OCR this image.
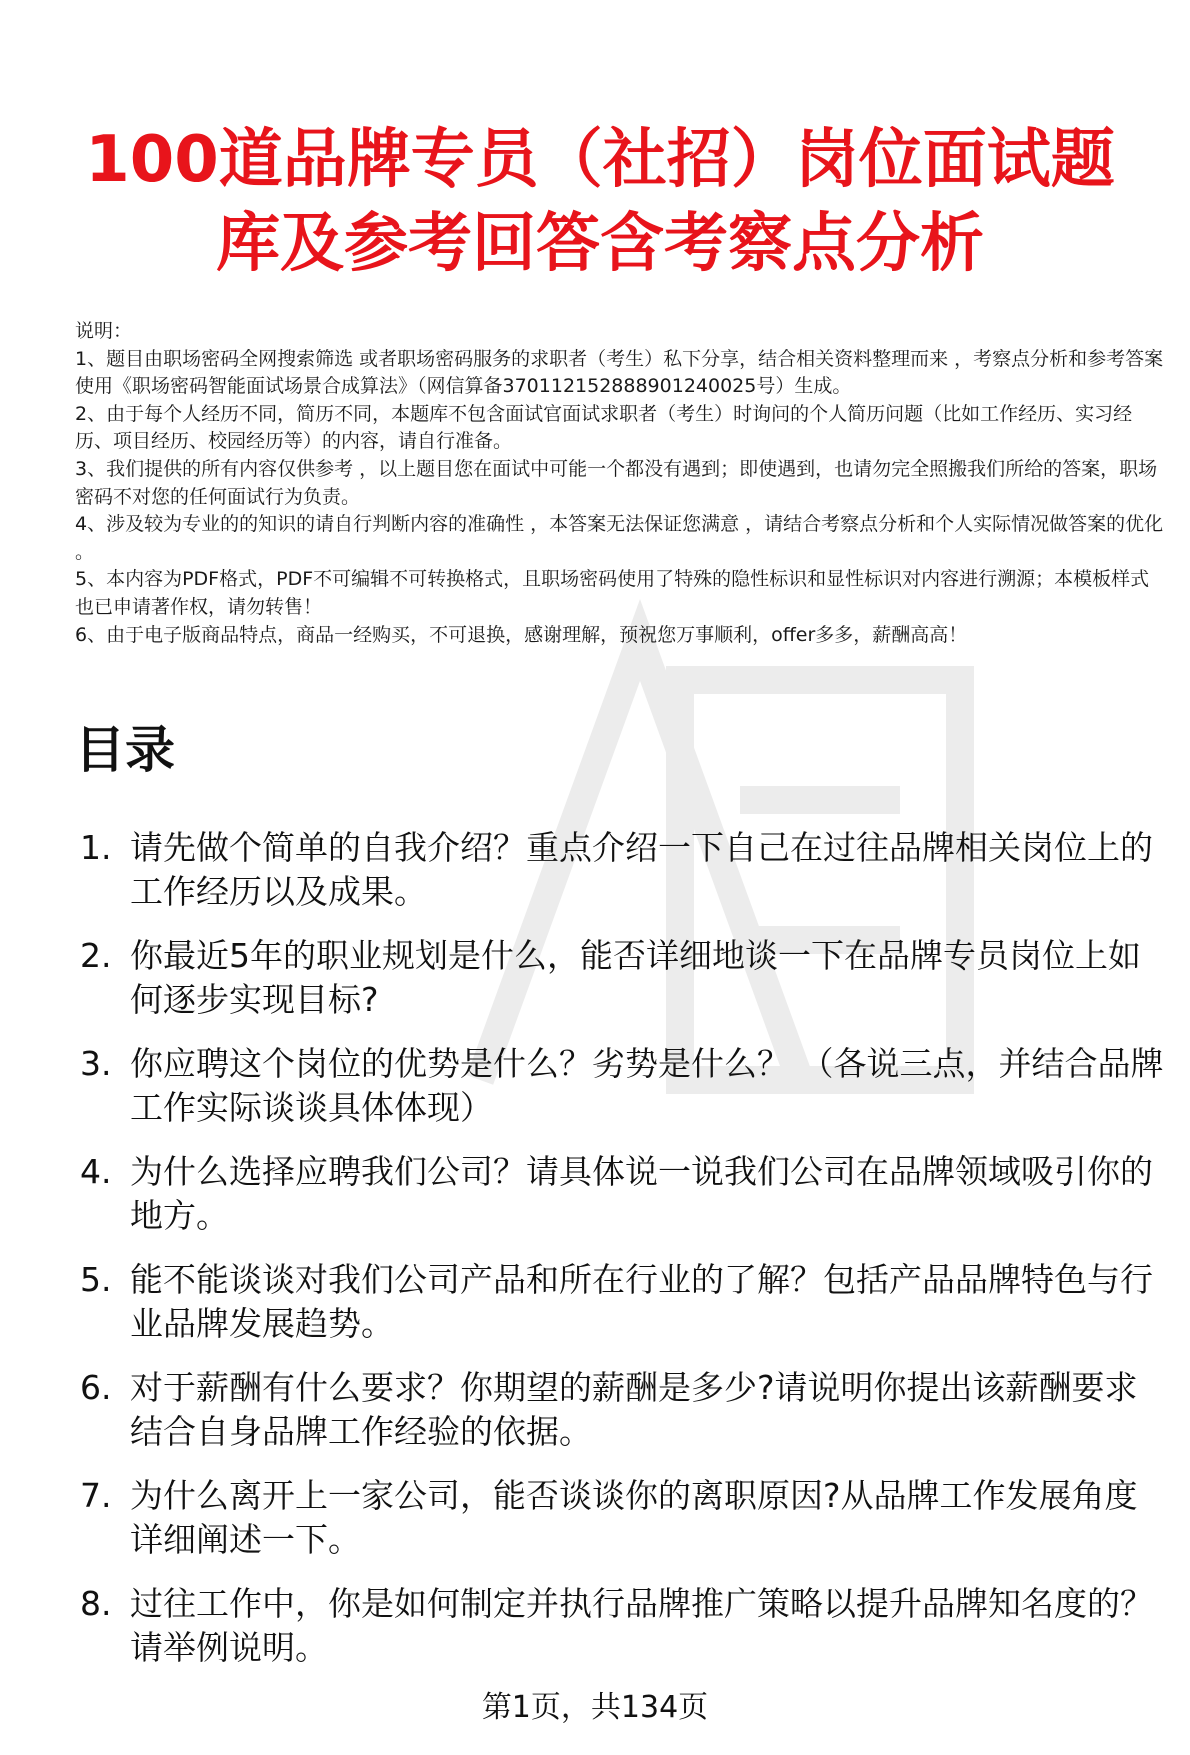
100道品牌专员（社招）岗位面试题
库及参考回答含考察点分析
说明：
1、题目由职场密码全网搜索筛选 或者职场密码服务的求职者（考生）私下分享，结合相关资料整理而来 ，考察点分析和参考答案使用《职场密码智能面试场景合成算法》（网信算备370112152888901240025号）生成。
2、由于每个人经历不同，简历不同，本题库不包含面试官面试求职者（考生）时询问的个人简历问题（比如工作经历、实习经历、项目经历、校园经历等）的内容，请自行准备。
3、我们提供的所有内容仅供参考 ，以上题目您在面试中可能一个都没有遇到；即使遇到，也请勿完全照搬我们所给的答案，职场密码不对您的任何面试行为负责。
4、涉及较为专业的的知识的请自行判断内容的准确性 ，本答案无法保证您满意 ，请结合考察点分析和个人实际情况做答案的优化 。
5、本内容为PDF格式，PDF不可编辑不可转换格式，且职场密码使用了特殊的隐性标识和显性标识对内容进行溯源；本模板样式也已申请著作权，请勿转售！
6、由于电子版商品特点，商品一经购买，不可退换，感谢理解，预祝您万事顺利，offer多多，薪酬高高！
目录
1. 请先做个简单的自我介绍？重点介绍一下自己在过往品牌相关岗位上的工作经历以及成果。
2. 你最近5年的职业规划是什么，能否详细地谈一下在品牌专员岗位上如何逐步实现目标?
3. 你应聘这个岗位的优势是什么？劣势是什么？ （各说三点，并结合品牌工作实际谈谈具体体现）
4. 为什么选择应聘我们公司？请具体说一说我们公司在品牌领域吸引你的地方。
5. 能不能谈谈对我们公司产品和所在行业的了解？包括产品品牌特色与行业品牌发展趋势。
6. 对于薪酬有什么要求？你期望的薪酬是多少?请说明你提出该薪酬要求结合自身品牌工作经验的依据。
7. 为什么离开上一家公司，能否谈谈你的离职原因?从品牌工作发展角度详细阐述一下。
8. 过往工作中，你是如何制定并执行品牌推广策略以提升品牌知名度的？请举例说明。
第1页，共134页
